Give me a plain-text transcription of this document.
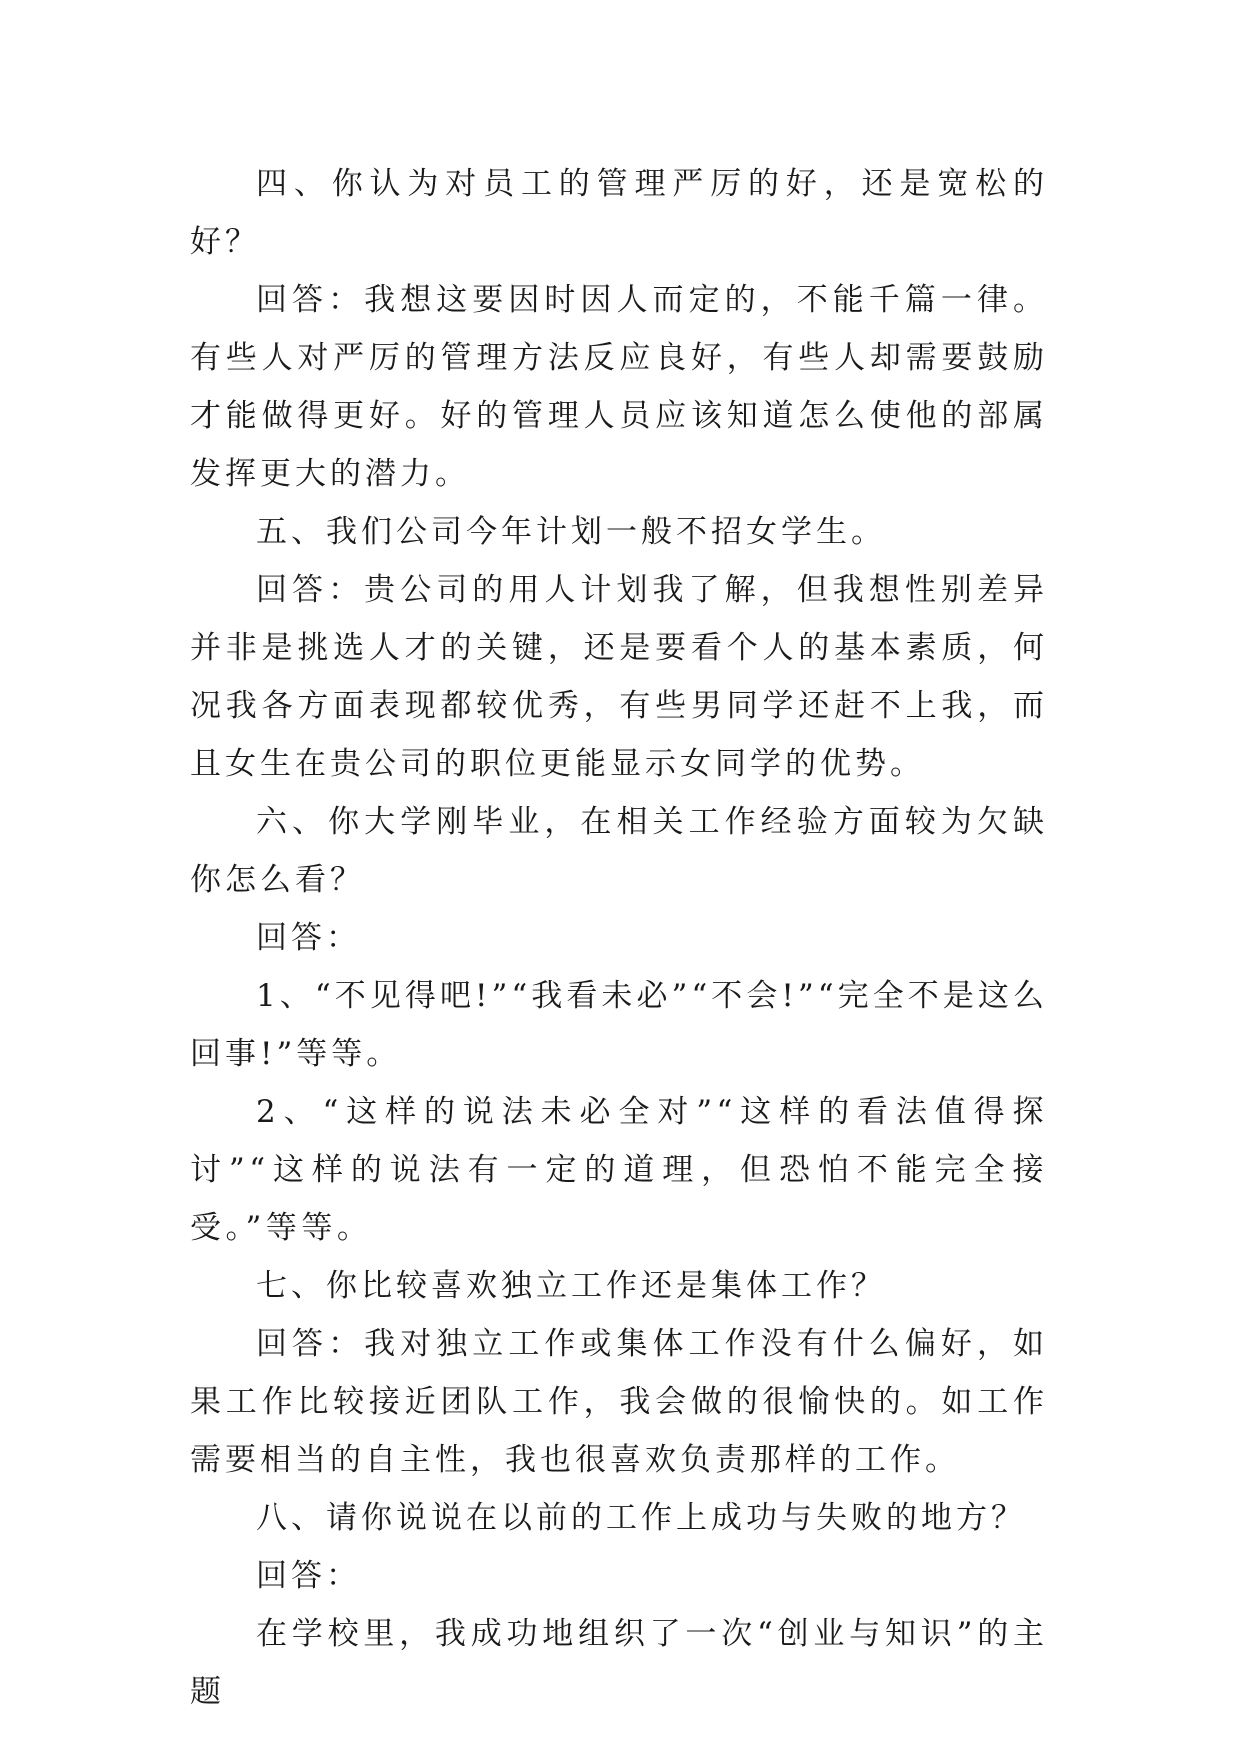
四、你认为对员工的管理严厉的好，还是宽松的好？

回答：我想这要因时因人而定的，不能千篇一律。有些人对严厉的管理方法反应良好，有些人却需要鼓励才能做得更好。好的管理人员应该知道怎么使他的部属发挥更大的潜力。

五、我们公司今年计划一般不招女学生。

回答：贵公司的用人计划我了解，但我想性别差异并非是挑选人才的关键，还是要看个人的基本素质，何况我各方面表现都较优秀，有些男同学还赶不上我，而且女生在贵公司的职位更能显示女同学的优势。

六、你大学刚毕业，在相关工作经验方面较为欠缺你怎么看？

回答：

1、“不见得吧!”“我看未必”“不会!”“完全不是这么回事!”等等。

2、“这样的说法未必全对”“这样的看法值得探讨”“这样的说法有一定的道理，但恐怕不能完全接受。”等等。

七、你比较喜欢独立工作还是集体工作？

回答：我对独立工作或集体工作没有什么偏好，如果工作比较接近团队工作，我会做的很愉快的。如工作需要相当的自主性，我也很喜欢负责那样的工作。

八、请你说说在以前的工作上成功与失败的地方？

回答：

在学校里，我成功地组织了一次“创业与知识”的主题
